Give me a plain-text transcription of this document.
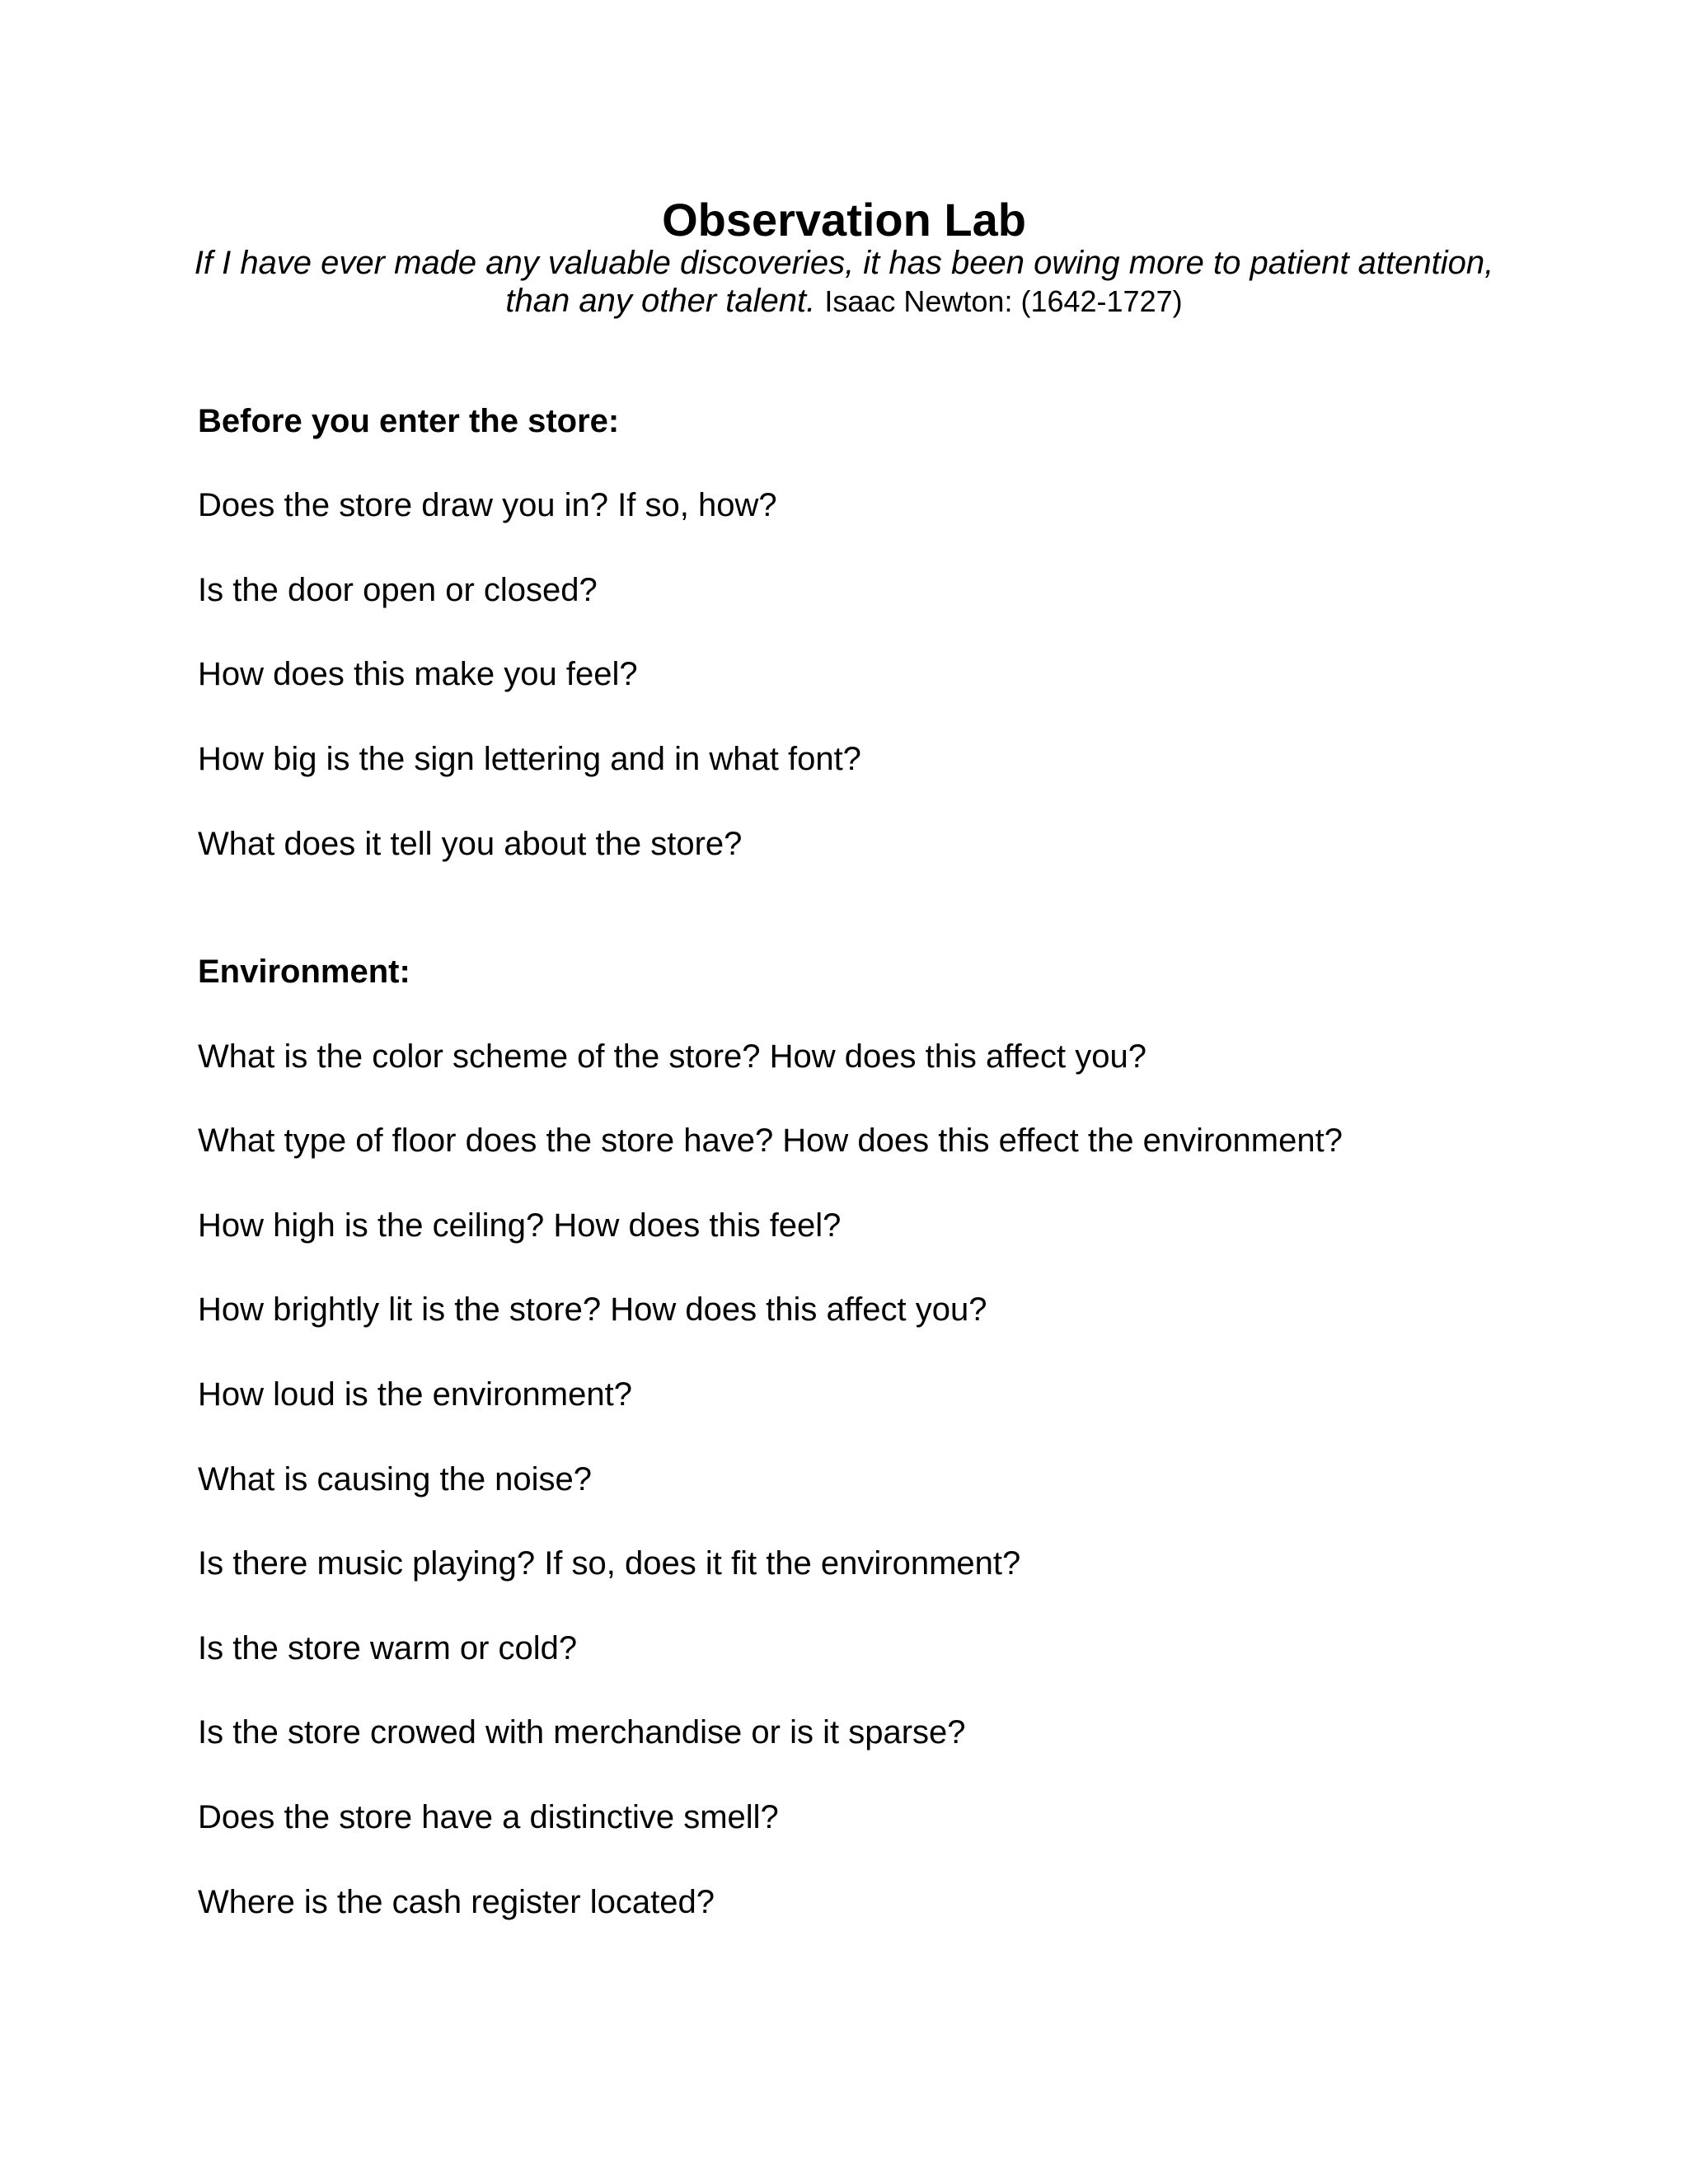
Observation Lab
If I have ever made any valuable discoveries, it has been owing more to patient attention,
than any other talent. Isaac Newton: (1642-1727)

Before you enter the store:

Does the store draw you in? If so, how?

Is the door open or closed?

How does this make you feel?

How big is the sign lettering and in what font?

What does it tell you about the store?

Environment:

What is the color scheme of the store? How does this affect you?

What type of floor does the store have? How does this effect the environment?

How high is the ceiling? How does this feel?

How brightly lit is the store? How does this affect you?

How loud is the environment?

What is causing the noise?

Is there music playing? If so, does it fit the environment?

Is the store warm or cold?

Is the store crowed with merchandise or is it sparse?

Does the store have a distinctive smell?

Where is the cash register located?
